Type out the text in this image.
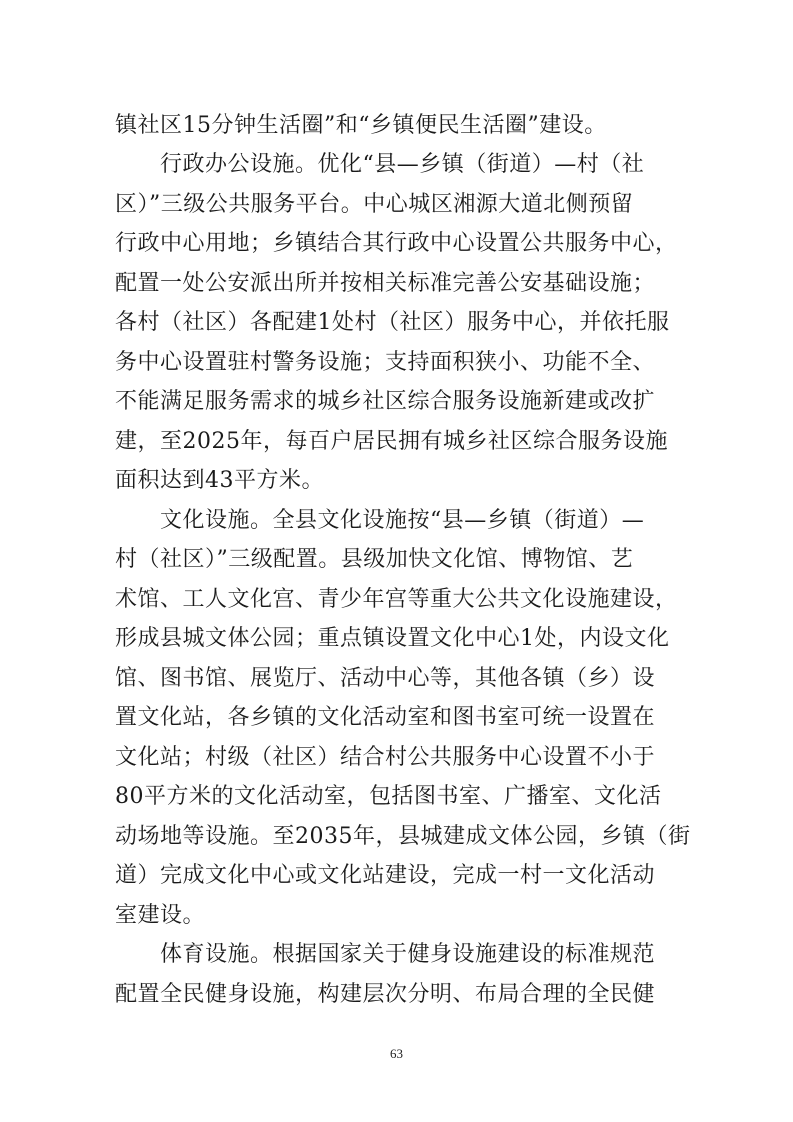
镇社区15分钟生活圈”和“乡镇便民生活圈”建设。
行政办公设施。优化“县—乡镇（街道）—村（社
区）”三级公共服务平台。中心城区湘源大道北侧预留
行政中心用地；乡镇结合其行政中心设置公共服务中心，
配置一处公安派出所并按相关标准完善公安基础设施；
各村（社区）各配建1处村（社区）服务中心，并依托服
务中心设置驻村警务设施；支持面积狭小、功能不全、
不能满足服务需求的城乡社区综合服务设施新建或改扩
建，至2025年，每百户居民拥有城乡社区综合服务设施
面积达到43平方米。
文化设施。全县文化设施按“县—乡镇（街道）—
村（社区）”三级配置。县级加快文化馆、博物馆、艺
术馆、工人文化宫、青少年宫等重大公共文化设施建设，
形成县城文体公园；重点镇设置文化中心1处，内设文化
馆、图书馆、展览厅、活动中心等，其他各镇（乡）设
置文化站，各乡镇的文化活动室和图书室可统一设置在
文化站；村级（社区）结合村公共服务中心设置不小于
80平方米的文化活动室，包括图书室、广播室、文化活
动场地等设施。至2035年，县城建成文体公园，乡镇（街
道）完成文化中心或文化站建设，完成一村一文化活动
室建设。
体育设施。根据国家关于健身设施建设的标准规范
配置全民健身设施，构建层次分明、布局合理的全民健
63
